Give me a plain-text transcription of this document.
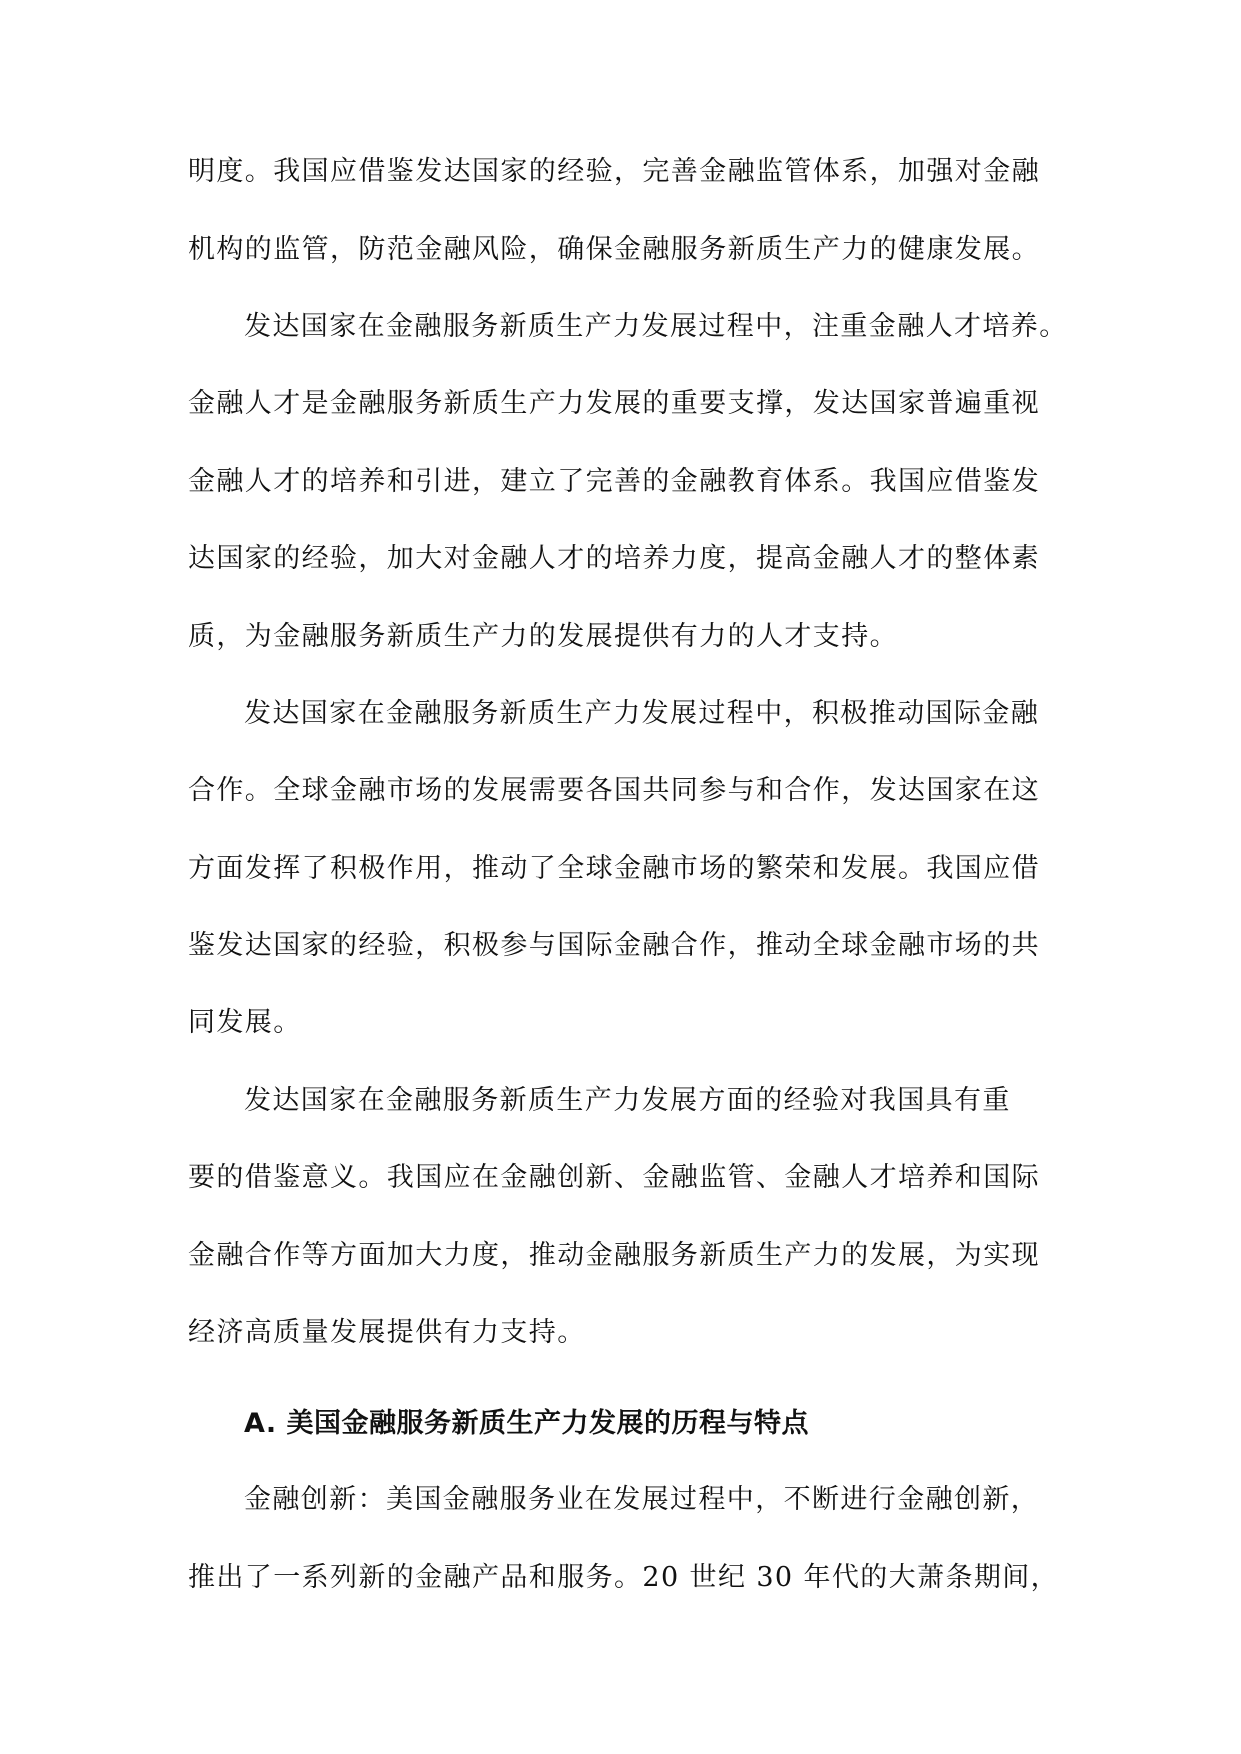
明度。我国应借鉴发达国家的经验，完善金融监管体系，加强对金融

机构的监管，防范金融风险，确保金融服务新质生产力的健康发展。

发达国家在金融服务新质生产力发展过程中，注重金融人才培养。

金融人才是金融服务新质生产力发展的重要支撑，发达国家普遍重视

金融人才的培养和引进，建立了完善的金融教育体系。我国应借鉴发

达国家的经验，加大对金融人才的培养力度，提高金融人才的整体素

质，为金融服务新质生产力的发展提供有力的人才支持。

发达国家在金融服务新质生产力发展过程中，积极推动国际金融

合作。全球金融市场的发展需要各国共同参与和合作，发达国家在这

方面发挥了积极作用，推动了全球金融市场的繁荣和发展。我国应借

鉴发达国家的经验，积极参与国际金融合作，推动全球金融市场的共

同发展。

发达国家在金融服务新质生产力发展方面的经验对我国具有重

要的借鉴意义。我国应在金融创新、金融监管、金融人才培养和国际

金融合作等方面加大力度，推动金融服务新质生产力的发展，为实现

经济高质量发展提供有力支持。

A. 美国金融服务新质生产力发展的历程与特点

金融创新：美国金融服务业在发展过程中，不断进行金融创新，

推出了一系列新的金融产品和服务。20 世纪 30 年代的大萧条期间，
